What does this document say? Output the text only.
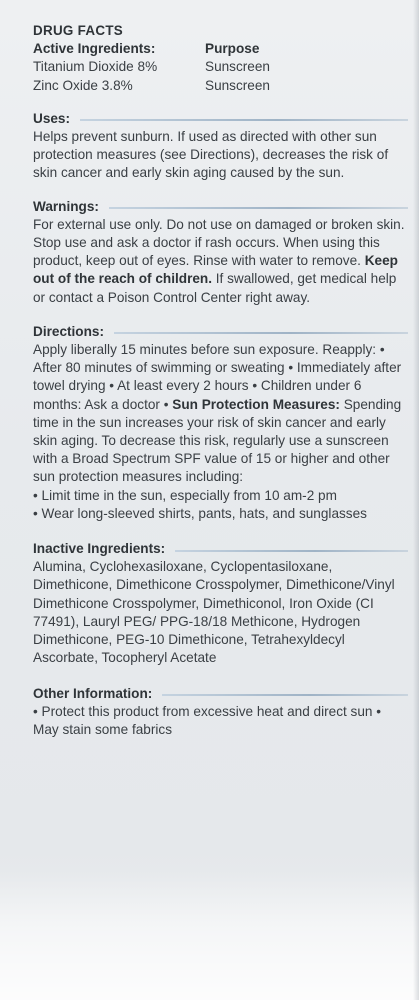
DRUG FACTS
Active Ingredients:
Titanium Dioxide 8%
Zinc Oxide 3.8%
Purpose
Sunscreen
Sunscreen
Uses:

Helps prevent sunburn. If used as directed with other sun protection measures (see Directions), decreases the risk of skin cancer and early skin aging caused by the sun.

Warnings:

For external use only. Do not use on damaged or broken skin. Stop use and ask a doctor if rash occurs. When using this product, keep out of eyes. Rinse with water to remove. Keep out of the reach of children. If swallowed, get medical help or contact a Poison Control Center right away.

Directions:

Apply liberally 15 minutes before sun exposure. Reapply: • After 80 minutes of swimming or sweating • Immediately after towel drying • At least every 2 hours • Children under 6 months: Ask a doctor • Sun Protection Measures: Spending time in the sun increases your risk of skin cancer and early skin aging. To decrease this risk, regularly use a sunscreen with a Broad Spectrum SPF value of 15 or higher and other sun protection measures including:

• Limit time in the sun, especially from 10 am-2 pm
• Wear long-sleeved shirts, pants, hats, and sunglasses
Inactive Ingredients:

Alumina, Cyclohexasiloxane, Cyclopentasiloxane, Dimethicone, Dimethicone Crosspolymer, Dimethicone/Vinyl Dimethicone Crosspolymer, Dimethiconol, Iron Oxide (CI 77491), Lauryl PEG/ PPG-18/18 Methicone, Hydrogen Dimethicone, PEG-10 Dimethicone, Tetrahexyldecyl Ascorbate, Tocopheryl Acetate

Other Information:

• Protect this product from excessive heat and direct sun • May stain some fabrics
